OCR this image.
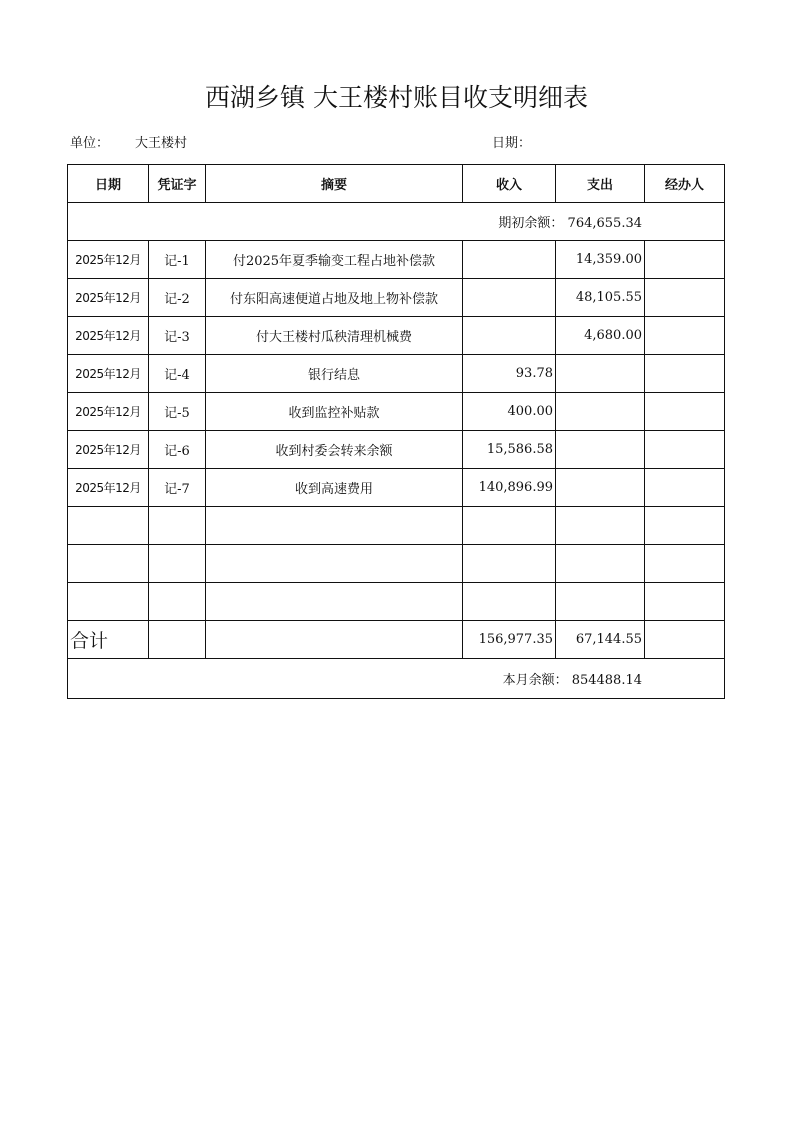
西湖乡镇 大王楼村账目收支明细表
单位： 大王楼村	日期：
日期	凭证字	摘要	收入	支出	经办人
期初余额： 764,655.34					
2025年12月	记-1	付2025年夏季输变工程占地补偿款		14,359.00	
2025年12月	记-2	付东阳高速便道占地及地上物补偿款		48,105.55	
2025年12月	记-3	付大王楼村瓜秧清理机械费		4,680.00	
2025年12月	记-4	银行结息	93.78		
2025年12月	记-5	收到监控补贴款	400.00		
2025年12月	记-6	收到村委会转来余额	15,586.58		
2025年12月	记-7	收到高速费用	140,896.99		

合计			156,977.35	67,144.55	
本月余额： 854488.14					
